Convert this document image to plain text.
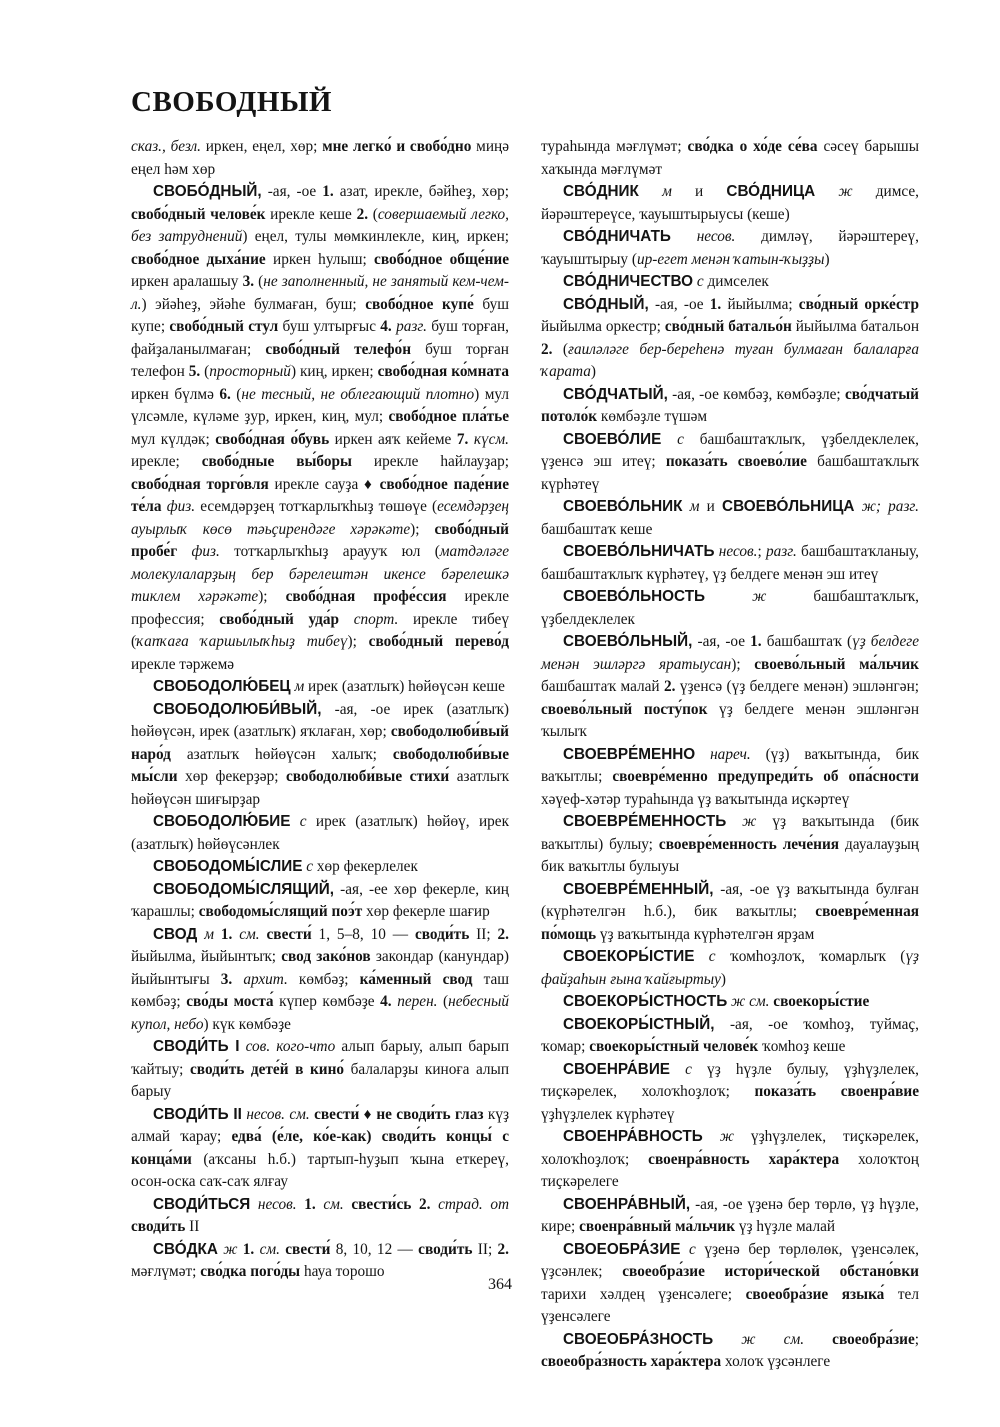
СВОБОДНЫЙ

сказ., безл. иркен, еңел, хөр; мне легко́ и свобо́дно миңә еңел һәм хөр

СВОБО́ДНЫЙ, -ая, -ое 1. азат, ирекле, бәйһеҙ, хөр; свобо́дный челове́к ирекле кеше 2. (совершаемый легко, без затруднений) еңел, тулы мөмкинлекле, киң, иркен; свобо́дное дыха́ние иркен һулыш; свобо́дное обще́ние иркен аралашыу 3. (не заполненный, не занятый кем-чем-л.) эйәһеҙ, эйәһе булмаған, буш; свобо́дное купе́ буш купе; свобо́дный стул буш ултырғыс 4. разг. буш торған, файҙаланылмаған; свобо́дный телефо́н буш торған телефон 5. (просторный) киң, иркен; свобо́дная ко́мната иркен бүлмә 6. (не тесный, не облегающий плотно) мул үлсәмле, күләме ҙур, иркен, киң, мул; свобо́дное пла́тье мул күлдәк; свобо́дная о́бувь иркен аяҡ кейеме 7. күсм. ирекле; свобо́дные вы́боры ирекле һайлауҙар; свобо́дная торго́вля ирекле сауҙа ♦ свобо́дное паде́ние те́ла физ. есемдәрҙең тотҡарлыҡһыҙ төшөүе (есемдәрҙең ауырлыҡ көсө тәьҫирендәге хәрәкәте); свобо́дный пробе́г физ. тотҡарлыҡһыҙ араууҡ юл (матдәләге молекулаларҙың бер бәрелештән икенсе бәрелешкә тиклем хәрәкәте); свобо́дная профе́ссия ирекле профессия; свобо́дный уда́р спорт. ирекле тибеү (ҡапҡаға ҡаршылыҡһыҙ тибеү); свобо́дный перево́д ирекле тәржемә

СВОБОДОЛЮ́БЕЦ м ирек (азатлыҡ) һөйөүсән кеше

СВОБОДОЛЮБИ́ВЫЙ, -ая, -ое ирек (азатлыҡ) һөйөүсән, ирек (азатлыҡ) яҡлаған, хөр; свободолюби́вый наро́д азатлыҡ һөйөүсән халыҡ; свободолюби́вые мы́сли хөр фекерҙәр; свободолюби́вые стихи́ азатлыҡ һөйөүсән шиғырҙар

СВОБОДОЛЮ́БИЕ с ирек (азатлыҡ) һөйөү, ирек (азатлыҡ) һөйөүсәнлек

СВОБОДОМЫ́СЛИЕ с хөр фекерлелек

СВОБОДОМЫ́СЛЯЩИЙ, -ая, -ее хөр фекерле, киң ҡарашлы; свободомы́слящий поэ́т хөр фекерле шағир

СВОД м 1. см. свести́ 1, 5–8, 10 — своди́ть II; 2. йыйылма, йыйынтыҡ; свод зако́нов закондар (канундар) йыйынтығы 3. архит. көмбәҙ; ка́менный свод таш көмбәҙ; сво́ды моста́ күпер көмбәҙе 4. перен. (небесный купол, небо) күк көмбәҙе

СВОДИ́ТЬ I сов. кого-что алып барыу, алып барып ҡайтыу; своди́ть дете́й в кино́ балаларҙы киноға алып барыу

СВОДИ́ТЬ II несов. см. свести́ ♦ не своди́ть глаз күҙ алмай ҡарау; едва́ (е́ле, ко́е-как) своди́ть концы́ с конца́ми (аҡсаны һ.б.) тартып-һуҙып ҡына еткереү, осон-оска саҡ-саҡ ялғау

СВОДИ́ТЬСЯ несов. 1. см. свести́сь 2. страд. от своди́ть II

СВО́ДКА ж 1. см. свести́ 8, 10, 12 — своди́ть II; 2. мәғлүмәт; сво́дка пого́ды һауа торошо

тураһында мәғлүмәт; сво́дка о хо́де се́ва сәсеү барышы хаҡында мәғлүмәт

СВО́ДНИК м и СВО́ДНИЦА ж димсе, йәрәштереүсе, ҡауыштырыусы (кеше)

СВО́ДНИЧАТЬ несов. димләү, йәрәштереү, ҡауыштырыу (ир-егет менән ҡатын-ҡыҙҙы)

СВО́ДНИЧЕСТВО с димселек

СВО́ДНЫЙ, -ая, -ое 1. йыйылма; сво́дный орке́стр йыйылма оркестр; сво́дный батальо́н йыйылма батальон 2. (ғаиләләге бер-береһенә туған булмаған балаларға ҡарата)

СВО́ДЧАТЫЙ, -ая, -ое көмбәҙ, көмбәҙле; сво́дчатый потоло́к көмбәҙле түшәм

СВОЕВО́ЛИЕ с башбаштаҡлыҡ, үҙбелдеклелек, үҙенсә эш итеү; показа́ть своево́лие башбаштаҡлыҡ күрһәтеү

СВОЕВО́ЛЬНИК м и СВОЕВО́ЛЬНИЦА ж; разг. башбаштаҡ кеше

СВОЕВО́ЛЬНИЧАТЬ несов.; разг. башбаштаҡланыу, башбаштаҡлыҡ күрһәтеү, үҙ белдеге менән эш итеү

СВОЕВО́ЛЬНОСТЬ	ж башбаштаҡлыҡ, үҙбелдеклелек

СВОЕВО́ЛЬНЫЙ, -ая, -ое 1. башбаштаҡ (үҙ белдеге менән эшләргә яратыусан); своево́льный ма́льчик башбаштаҡ малай 2. үҙенсә (үҙ белдеге менән) эшләнгән; своево́льный посту́пок үҙ белдеге менән эшләнгән ҡылыҡ

СВОЕВРЕ́МЕННО нареч. (үҙ) ваҡытында, бик ваҡытлы; своевре́менно предупреди́ть об опа́сности хәүеф-хәтәр тураһында үҙ ваҡытында иҫкәртеү

СВОЕВРЕ́МЕННОСТЬ ж үҙ ваҡытында (бик ваҡытлы) булыу; своевре́менность лече́ния дауалауҙың бик ваҡытлы булыуы

СВОЕВРЕ́МЕННЫЙ, -ая, -ое үҙ ваҡытында булған (күрһәтелгән һ.б.), бик ваҡытлы; своевре́менная по́мощь үҙ ваҡытында күрһәтелгән ярҙам

СВОЕКОРЫ́СТИЕ с ҡомһоҙлоҡ, ҡомарлыҡ (үҙ файҙаһын ғына ҡайғыртыу)

СВОЕКОРЫ́СТНОСТЬ ж см. своекоры́стие

СВОЕКОРЫ́СТНЫЙ, -ая, -ое ҡомһоҙ, туймаҫ, ҡомар; своекоры́стный челове́к ҡомһоҙ кеше

СВОЕНРА́ВИЕ с үҙ һүҙле булыу, үҙһүҙлелек, тиҫкәрелек, холоҡһоҙлоҡ; показа́ть своенра́вие үҙһүҙлелек күрһәтеү

СВОЕНРА́ВНОСТЬ ж үҙһүҙлелек, тиҫкәрелек, холоҡһоҙлоҡ; своенра́вность хара́ктера холоҡтоң тиҫкәрелеге

СВОЕНРА́ВНЫЙ, -ая, -ое үҙенә бер төрлө, үҙ һүҙле, кире; своенра́вный ма́льчик үҙ һүҙле малай

СВОЕОБРА́ЗИЕ с үҙенә бер төрлөлөк, үҙенсәлек, үҙсәнлек; своеобра́зие истори́ческой обстано́вки тарихи хәлдең үҙенсәлеге; своеобра́зие языка́ тел үҙенсәлеге

СВОЕОБРА́ЗНОСТЬ ж см. своеобра́зие; своеобра́зность хара́ктера холоҡ үҙсәнлеге

364
